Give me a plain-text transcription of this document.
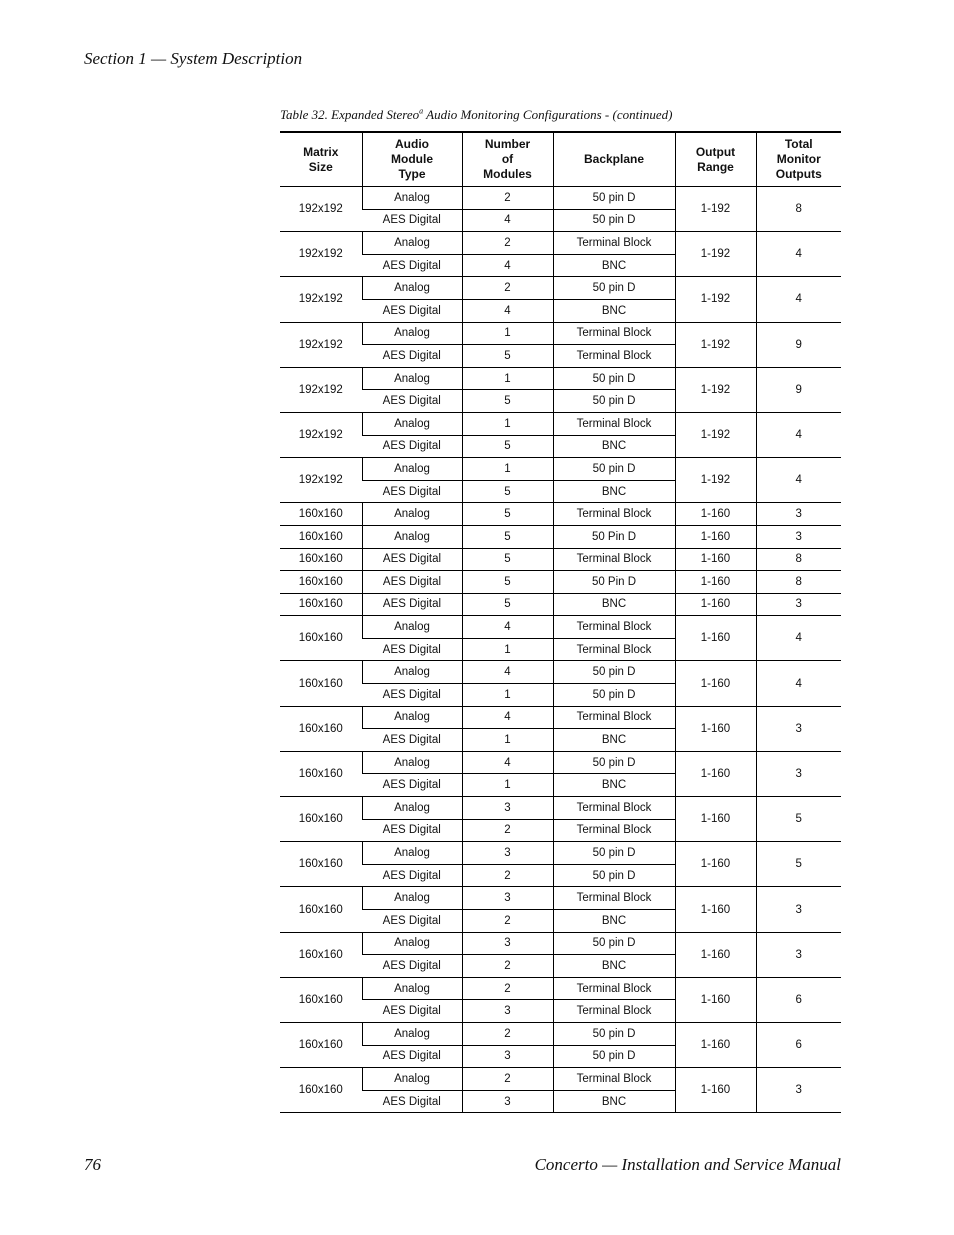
Section 1 — System Description
Table 32. Expanded Stereo$^a$ Audio Monitoring Configurations - (continued)
Matrix
Size	Audio
Module
Type	Number
of
Modules	Backplane	Output
Range	Total
Monitor
Outputs
192x192	Analog	2	50 pin D	1-192	8
	AES Digital	4	50 pin D		
192x192	Analog	2	Terminal Block	1-192	4
	AES Digital	4	BNC		
192x192	Analog	2	50 pin D	1-192	4
	AES Digital	4	BNC		
192x192	Analog	1	Terminal Block	1-192	9
	AES Digital	5	Terminal Block		
192x192	Analog	1	50 pin D	1-192	9
	AES Digital	5	50 pin D		
192x192	Analog	1	Terminal Block	1-192	4
	AES Digital	5	BNC		
192x192	Analog	1	50 pin D	1-192	4
	AES Digital	5	BNC		
160x160	Analog	5	Terminal Block	1-160	3
160x160	Analog	5	50 Pin D	1-160	3
160x160	AES Digital	5	Terminal Block	1-160	8
160x160	AES Digital	5	50 Pin D	1-160	8
160x160	AES Digital	5	BNC	1-160	3
160x160	Analog	4	Terminal Block	1-160	4
	AES Digital	1	Terminal Block		
160x160	Analog	4	50 pin D	1-160	4
	AES Digital	1	50 pin D		
160x160	Analog	4	Terminal Block	1-160	3
	AES Digital	1	BNC		
160x160	Analog	4	50 pin D	1-160	3
	AES Digital	1	BNC		
160x160	Analog	3	Terminal Block	1-160	5
	AES Digital	2	Terminal Block		
160x160	Analog	3	50 pin D	1-160	5
	AES Digital	2	50 pin D		
160x160	Analog	3	Terminal Block	1-160	3
	AES Digital	2	BNC		
160x160	Analog	3	50 pin D	1-160	3
	AES Digital	2	BNC		
160x160	Analog	2	Terminal Block	1-160	6
	AES Digital	3	Terminal Block		
160x160	Analog	2	50 pin D	1-160	6
	AES Digital	3	50 pin D		
160x160	Analog	2	Terminal Block	1-160	3
	AES Digital	3	BNC		
76	Concerto — Installation and Service Manual
